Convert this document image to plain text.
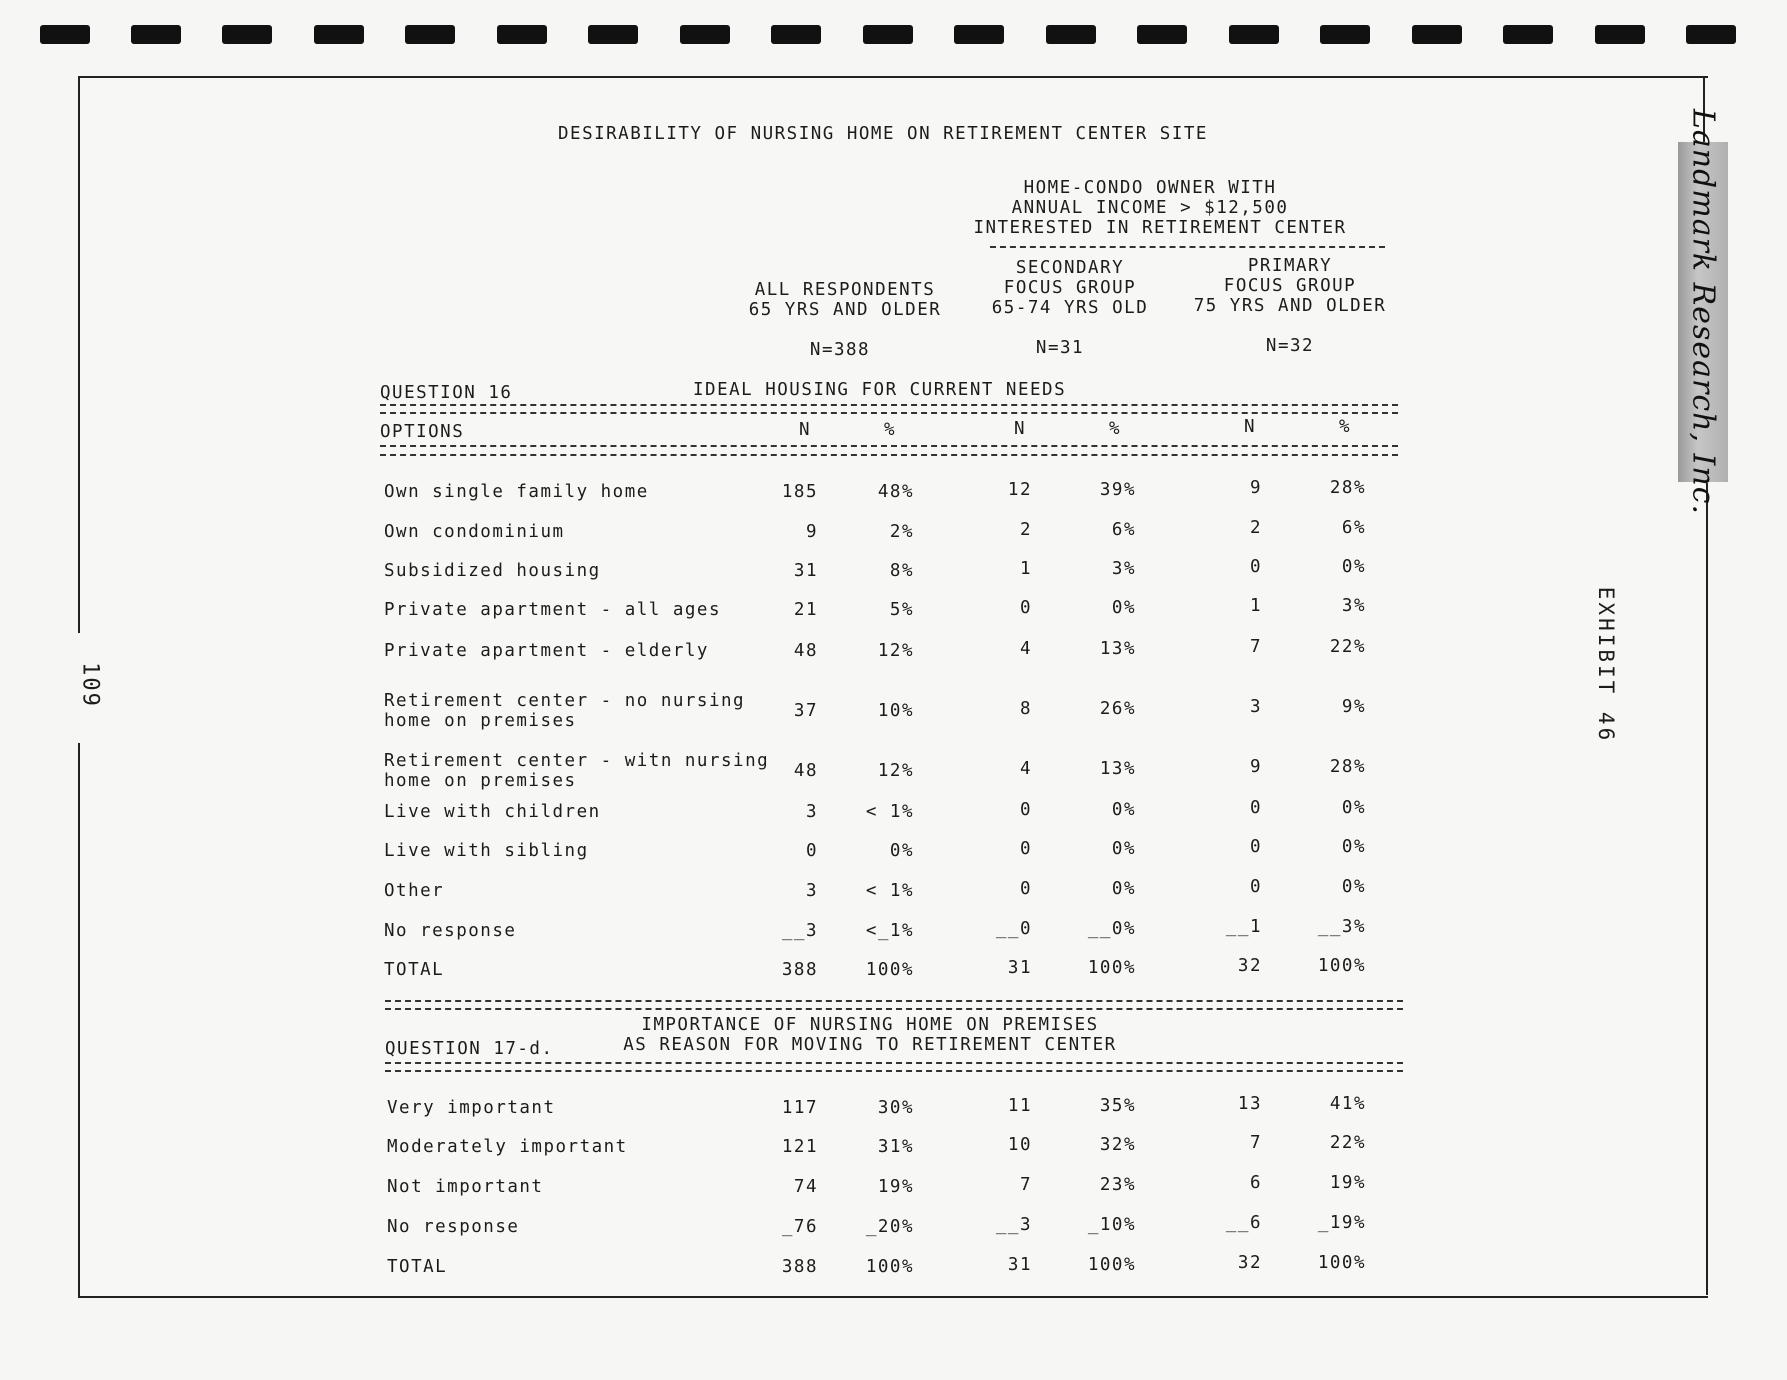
Landmark Research, Inc.
EXHIBIT 46
109
DESIRABILITY OF NURSING HOME ON RETIREMENT CENTER SITE
HOME-CONDO OWNER WITH
ANNUAL INCOME > $12,500
INTERESTED IN RETIREMENT CENTER
ALL RESPONDENTS
65 YRS AND OLDER
SECONDARY
FOCUS GROUP
65-74 YRS OLD
PRIMARY
FOCUS GROUP
75 YRS AND OLDER
N=388	N=31	N=32
QUESTION 16	IDEAL HOUSING FOR CURRENT NEEDS
OPTIONS	N	%	N	%	N	%
Own single family home	185	48%	12	39%	9	28%
Own condominium	9	2%	2	6%	2	6%
Subsidized housing	31	8%	1	3%	0	0%
Private apartment - all ages	21	5%	0	0%	1	3%
Private apartment - elderly	48	12%	4	13%	7	22%
Retirement center - no nursing
home on premises	37	10%	8	26%	3	9%
Retirement center - witn nursing
home on premises	48	12%	4	13%	9	28%
Live with children	3	< 1%	0	0%	0	0%
Live with sibling	0	0%	0	0%	0	0%
Other	3	< 1%	0	0%	0	0%
No response	__3	<_1%	__0	__0%	__1	__3%
TOTAL	388	100%	31	100%	32	100%
IMPORTANCE OF NURSING HOME ON PREMISES
AS REASON FOR MOVING TO RETIREMENT CENTER
QUESTION 17-d.
Very important	117	30%	11	35%	13	41%
Moderately important	121	31%	10	32%	7	22%
Not important	74	19%	7	23%	6	19%
No response	_76	_20%	__3	_10%	__6	_19%
TOTAL	388	100%	31	100%	32	100%
